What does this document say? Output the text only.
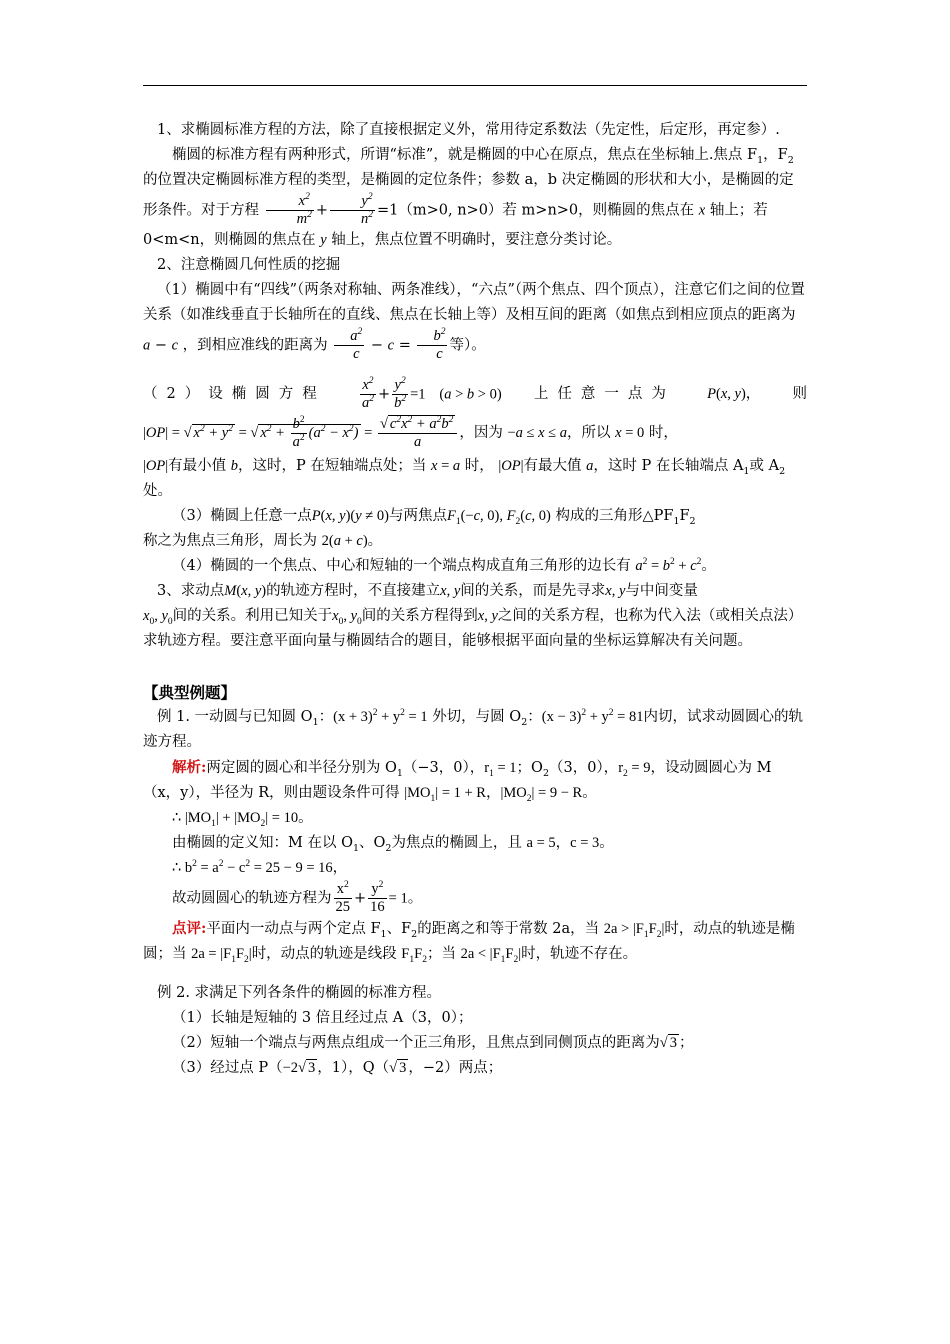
1、求椭圆标准方程的方法，除了直接根据定义外，常用待定系数法（先定性，后定形，再定参）.

椭圆的标准方程有两种形式，所谓“标准”，就是椭圆的中心在原点，焦点在坐标轴上.焦点 $F_1$，$F_2$的位置决定椭圆标准方程的类型，是椭圆的定位条件；参数 a，b 决定椭圆的形状和大小，是椭圆的定形条件。对于方程 $\frac{x^2}{m^2} + \frac{y^2}{n^2} =1(m>0$, n>0）若 m>n>0，则椭圆的焦点在 x 轴上；若 0<m<n，则椭圆的焦点在 y 轴上，焦点位置不明确时，要注意分类讨论。

2、注意椭圆几何性质的挖掘

（1）椭圆中有“四线”（两条对称轴、两条准线），“六点”（两个焦点、四个顶点），注意它们之间的位置关系（如准线垂直于长轴所在的直线、焦点在长轴上等）及相互间的距离（如焦点到相应顶点的距离为 a − c ，到相应准线的距离为 $\frac{a^2}{c} - c = \frac{b^2}{c}$ 等）。

（2）设椭圆方程 $\frac{x^2}{a^2} + \frac{y^2}{b^2} =1$ (a > b > 0) 上任意一点为 P(x, y)， 则

|OP| = √ $x^2 + y^2$ = √ $x^2 + \frac{b^2}{a^2} (a^2 - x^2) = \frac{√ c^2x^2 + a^2b^2}{a}$ ，因为 −a ≤ x ≤ a，所以 x = 0 时，

|OP|有最小值 b，这时，P 在短轴端点处；当 x = a 时， |OP|有最大值 a，这时 P 在长轴端点 $A_1$或 $A_2$处。

（3）椭圆上任意一点P(x, y)(y ≠ 0)与两焦点$F_1(-c$, 0), $F_2(c$, 0) 构成的三角形$\triangle PF_1F_2$

称之为焦点三角形，周长为 2(a + c)。

（4）椭圆的一个焦点、中心和短轴的一个端点构成直角三角形的边长有 $a^2 = b^2 + c^2$。

3、求动点M(x, y)的轨迹方程时，不直接建立x, y间的关系，而是先寻求x, y与中间变量
$x_0$, $y_0$间的关系。利用已知关于$x_0$, $y_0$间的关系方程得到x, y之间的关系方程，也称为代入法（或相关点法）求轨迹方程。要注意平面向量与椭圆结合的题目，能够根据平面向量的坐标运算解决有关问题。

【典型例题】

例 1. 一动圆与已知圆 $O_1$：$(x + 3)^2 + y^2 = 1$ 外切，与圆 $O_2$：$(x - 3)^2 + y^2 = 81$内切，试求动圆圆心的轨迹方程。

解析:两定圆的圆心和半径分别为 $O_1(-3$，0），$r_1 = 1$；$O_2(3$，0），$r_2 = 9$，设动圆圆心为 M（x，y），半径为 R，则由题设条件可得 $|MO_1| = 1 + R$，$|MO_2| = 9 - R$。

∴ $|MO_1| + |MO_2| = 10$。

由椭圆的定义知：M 在以 $O_1$、$O_2$为焦点的椭圆上，且 a = 5，c = 3。

∴ $b^2 = a^2 - c^2 = 25 - 9 = 16$，

故动圆圆心的轨迹方程为 $\frac{x^2}{25} + \frac{y^2}{16} = 1$。

点评:平面内一动点与两个定点 $F_1$、$F_2$的距离之和等于常数 2a，当 $2a > |F_1F_2|$时，动点的轨迹是椭圆；当 $2a = |F_1F_2|$时，动点的轨迹是线段 $F_1F_2$；当 $2a < |F_1F_2|$时，轨迹不存在。

例 2. 求满足下列各条件的椭圆的标准方程。

（1）长轴是短轴的 3 倍且经过点 A（3，0）；

（2）短轴一个端点与两焦点组成一个正三角形，且焦点到同侧顶点的距离为√ 3 ；

（3）经过点 P（−2√ 3 ，1），Q（√ 3 ，−2）两点；
